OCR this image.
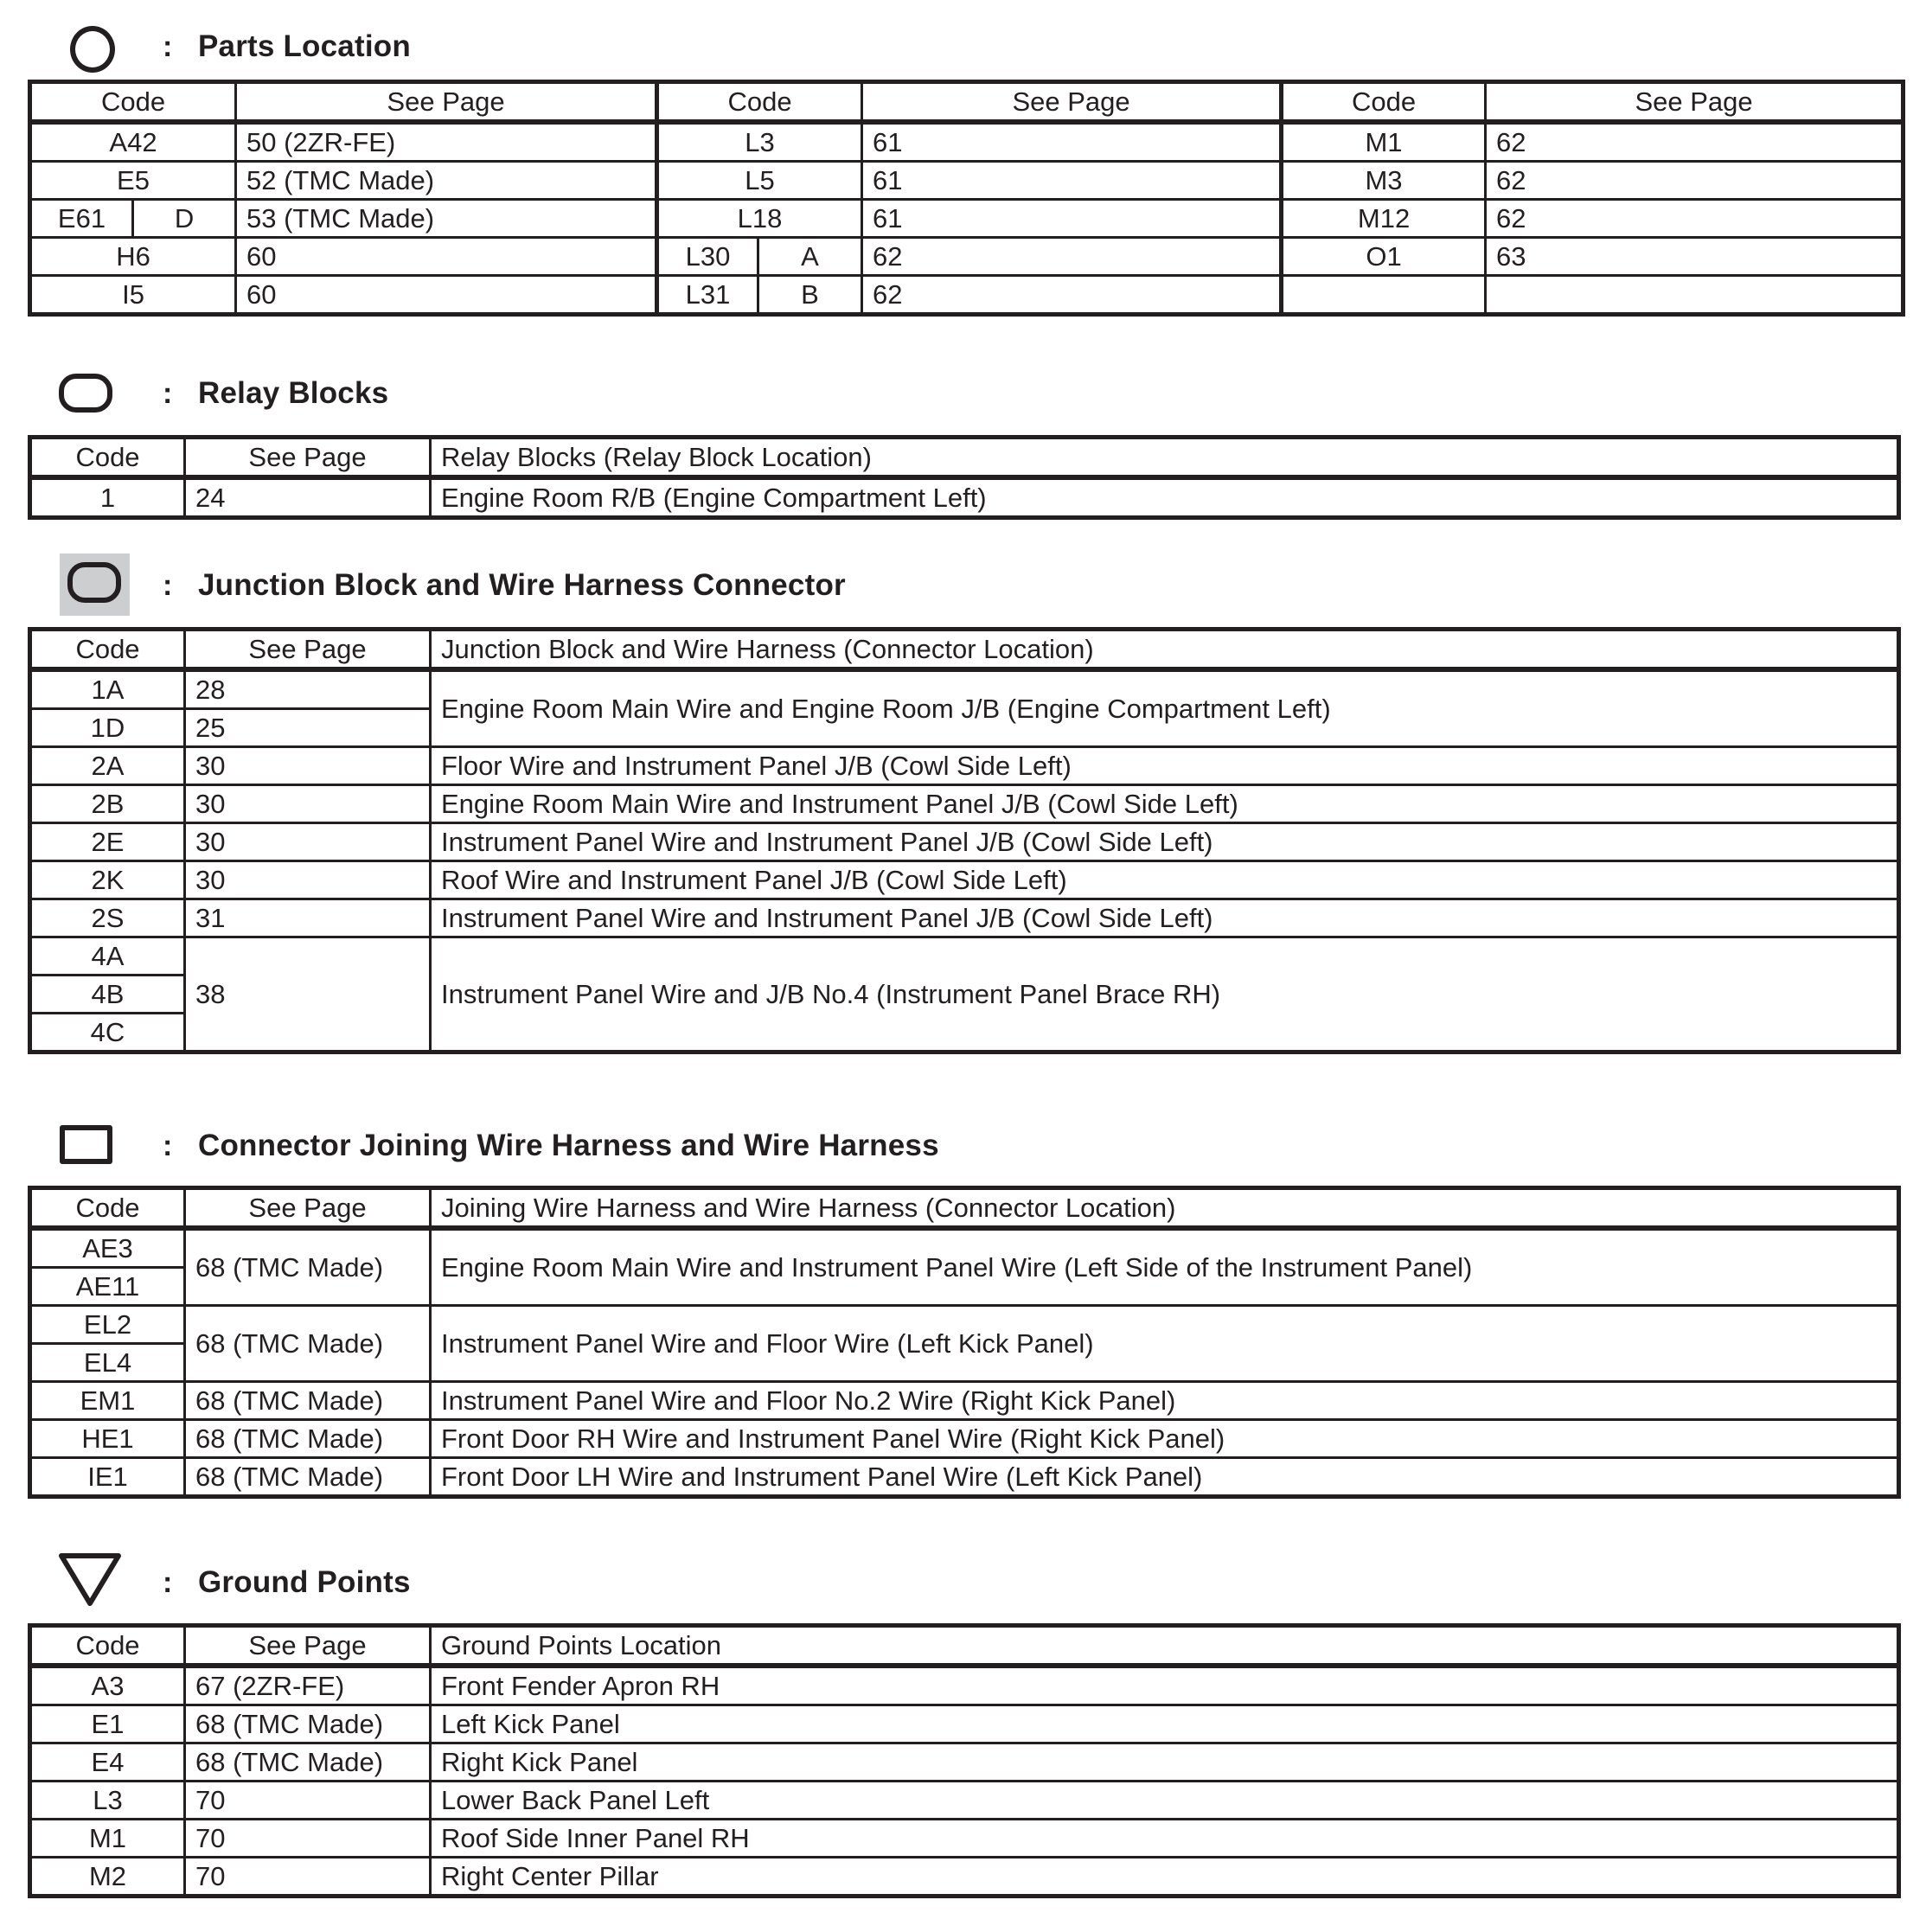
: Parts Location
Code		See Page	Code		See Page	Code	See Page
A42		50 (2ZR-FE)	L3		61	M1	62
E5		52 (TMC Made)	L5		61	M3	62
E61	D	53 (TMC Made)	L18		61	M12	62
H6		60	L30	A	62	O1	63
I5		60	L31	B	62		
: Relay Blocks
Code	See Page	Relay Blocks (Relay Block Location)
1	24	Engine Room R/B (Engine Compartment Left)
: Junction Block and Wire Harness Connector
Code	See Page	Junction Block and Wire Harness (Connector Location)
1A	28	Engine Room Main Wire and Engine Room J/B (Engine Compartment Left)
1D	25	
2A	30	Floor Wire and Instrument Panel J/B (Cowl Side Left)
2B	30	Engine Room Main Wire and Instrument Panel J/B (Cowl Side Left)
2E	30	Instrument Panel Wire and Instrument Panel J/B (Cowl Side Left)
2K	30	Roof Wire and Instrument Panel J/B (Cowl Side Left)
2S	31	Instrument Panel Wire and Instrument Panel J/B (Cowl Side Left)
4A	38	Instrument Panel Wire and J/B No.4 (Instrument Panel Brace RH)
4B		
4C		
: Connector Joining Wire Harness and Wire Harness
Code	See Page	Joining Wire Harness and Wire Harness (Connector Location)
AE3	68 (TMC Made)	Engine Room Main Wire and Instrument Panel Wire (Left Side of the Instrument Panel)
AE11		
EL2	68 (TMC Made)	Instrument Panel Wire and Floor Wire (Left Kick Panel)
EL4		
EM1	68 (TMC Made)	Instrument Panel Wire and Floor No.2 Wire (Right Kick Panel)
HE1	68 (TMC Made)	Front Door RH Wire and Instrument Panel Wire (Right Kick Panel)
IE1	68 (TMC Made)	Front Door LH Wire and Instrument Panel Wire (Left Kick Panel)
: Ground Points
Code	See Page	Ground Points Location
A3	67 (2ZR-FE)	Front Fender Apron RH
E1	68 (TMC Made)	Left Kick Panel
E4	68 (TMC Made)	Right Kick Panel
L3	70	Lower Back Panel Left
M1	70	Roof Side Inner Panel RH
M2	70	Right Center Pillar
